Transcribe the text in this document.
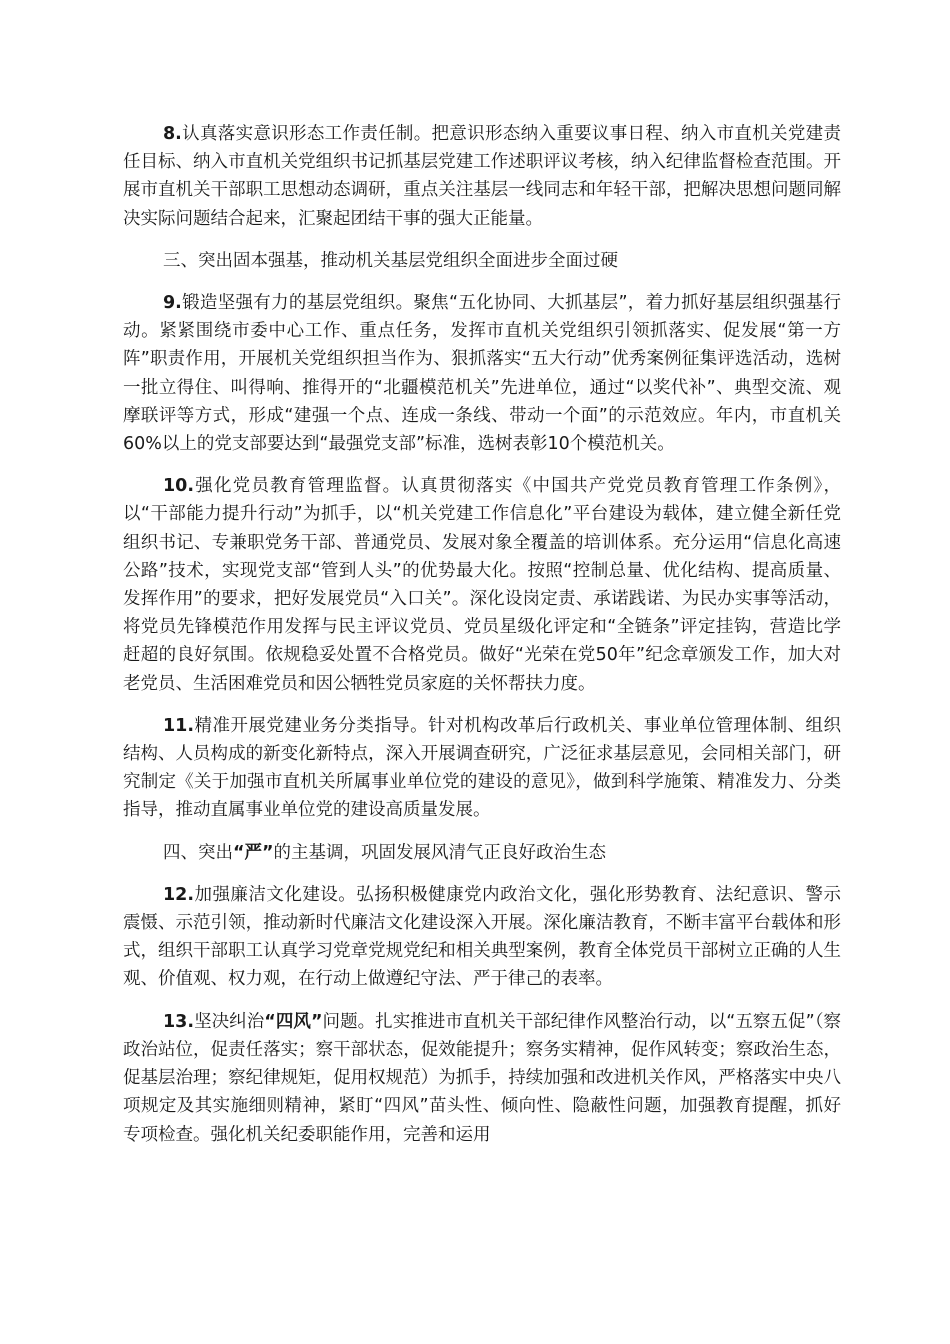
8.认真落实意识形态工作责任制。把意识形态纳入重要议事日程、纳入市直机关党建责任目标、纳入市直机关党组织书记抓基层党建工作述职评议考核，纳入纪律监督检查范围。开展市直机关干部职工思想动态调研，重点关注基层一线同志和年轻干部，把解决思想问题同解决实际问题结合起来，汇聚起团结干事的强大正能量。

三、突出固本强基，推动机关基层党组织全面进步全面过硬

9.锻造坚强有力的基层党组织。聚焦“五化协同、大抓基层”，着力抓好基层组织强基行动。紧紧围绕市委中心工作、重点任务，发挥市直机关党组织引领抓落实、促发展“第一方阵”职责作用，开展机关党组织担当作为、狠抓落实“五大行动”优秀案例征集评选活动，选树一批立得住、叫得响、推得开的“北疆模范机关”先进单位，通过“以奖代补”、典型交流、观摩联评等方式，形成“建强一个点、连成一条线、带动一个面”的示范效应。年内，市直机关60%以上的党支部要达到“最强党支部”标准，选树表彰10个模范机关。

10.强化党员教育管理监督。认真贯彻落实《中国共产党党员教育管理工作条例》，以“干部能力提升行动”为抓手，以“机关党建工作信息化”平台建设为载体，建立健全新任党组织书记、专兼职党务干部、普通党员、发展对象全覆盖的培训体系。充分运用“信息化高速公路”技术，实现党支部“管到人头”的优势最大化。按照“控制总量、优化结构、提高质量、发挥作用”的要求，把好发展党员“入口关”。深化设岗定责、承诺践诺、为民办实事等活动，将党员先锋模范作用发挥与民主评议党员、党员星级化评定和“全链条”评定挂钩，营造比学赶超的良好氛围。依规稳妥处置不合格党员。做好“光荣在党50年”纪念章颁发工作，加大对老党员、生活困难党员和因公牺牲党员家庭的关怀帮扶力度。

11.精准开展党建业务分类指导。针对机构改革后行政机关、事业单位管理体制、组织结构、人员构成的新变化新特点，深入开展调查研究，广泛征求基层意见，会同相关部门，研究制定《关于加强市直机关所属事业单位党的建设的意见》，做到科学施策、精准发力、分类指导，推动直属事业单位党的建设高质量发展。

四、突出“严”的主基调，巩固发展风清气正良好政治生态

12.加强廉洁文化建设。弘扬积极健康党内政治文化，强化形势教育、法纪意识、警示震慑、示范引领，推动新时代廉洁文化建设深入开展。深化廉洁教育，不断丰富平台载体和形式，组织干部职工认真学习党章党规党纪和相关典型案例，教育全体党员干部树立正确的人生观、价值观、权力观，在行动上做遵纪守法、严于律己的表率。

13.坚决纠治“四风”问题。扎实推进市直机关干部纪律作风整治行动，以“五察五促”（察政治站位，促责任落实；察干部状态，促效能提升；察务实精神，促作风转变；察政治生态，促基层治理；察纪律规矩，促用权规范）为抓手，持续加强和改进机关作风，严格落实中央八项规定及其实施细则精神，紧盯“四风”苗头性、倾向性、隐蔽性问题，加强教育提醒，抓好专项检查。强化机关纪委职能作用，完善和运用
